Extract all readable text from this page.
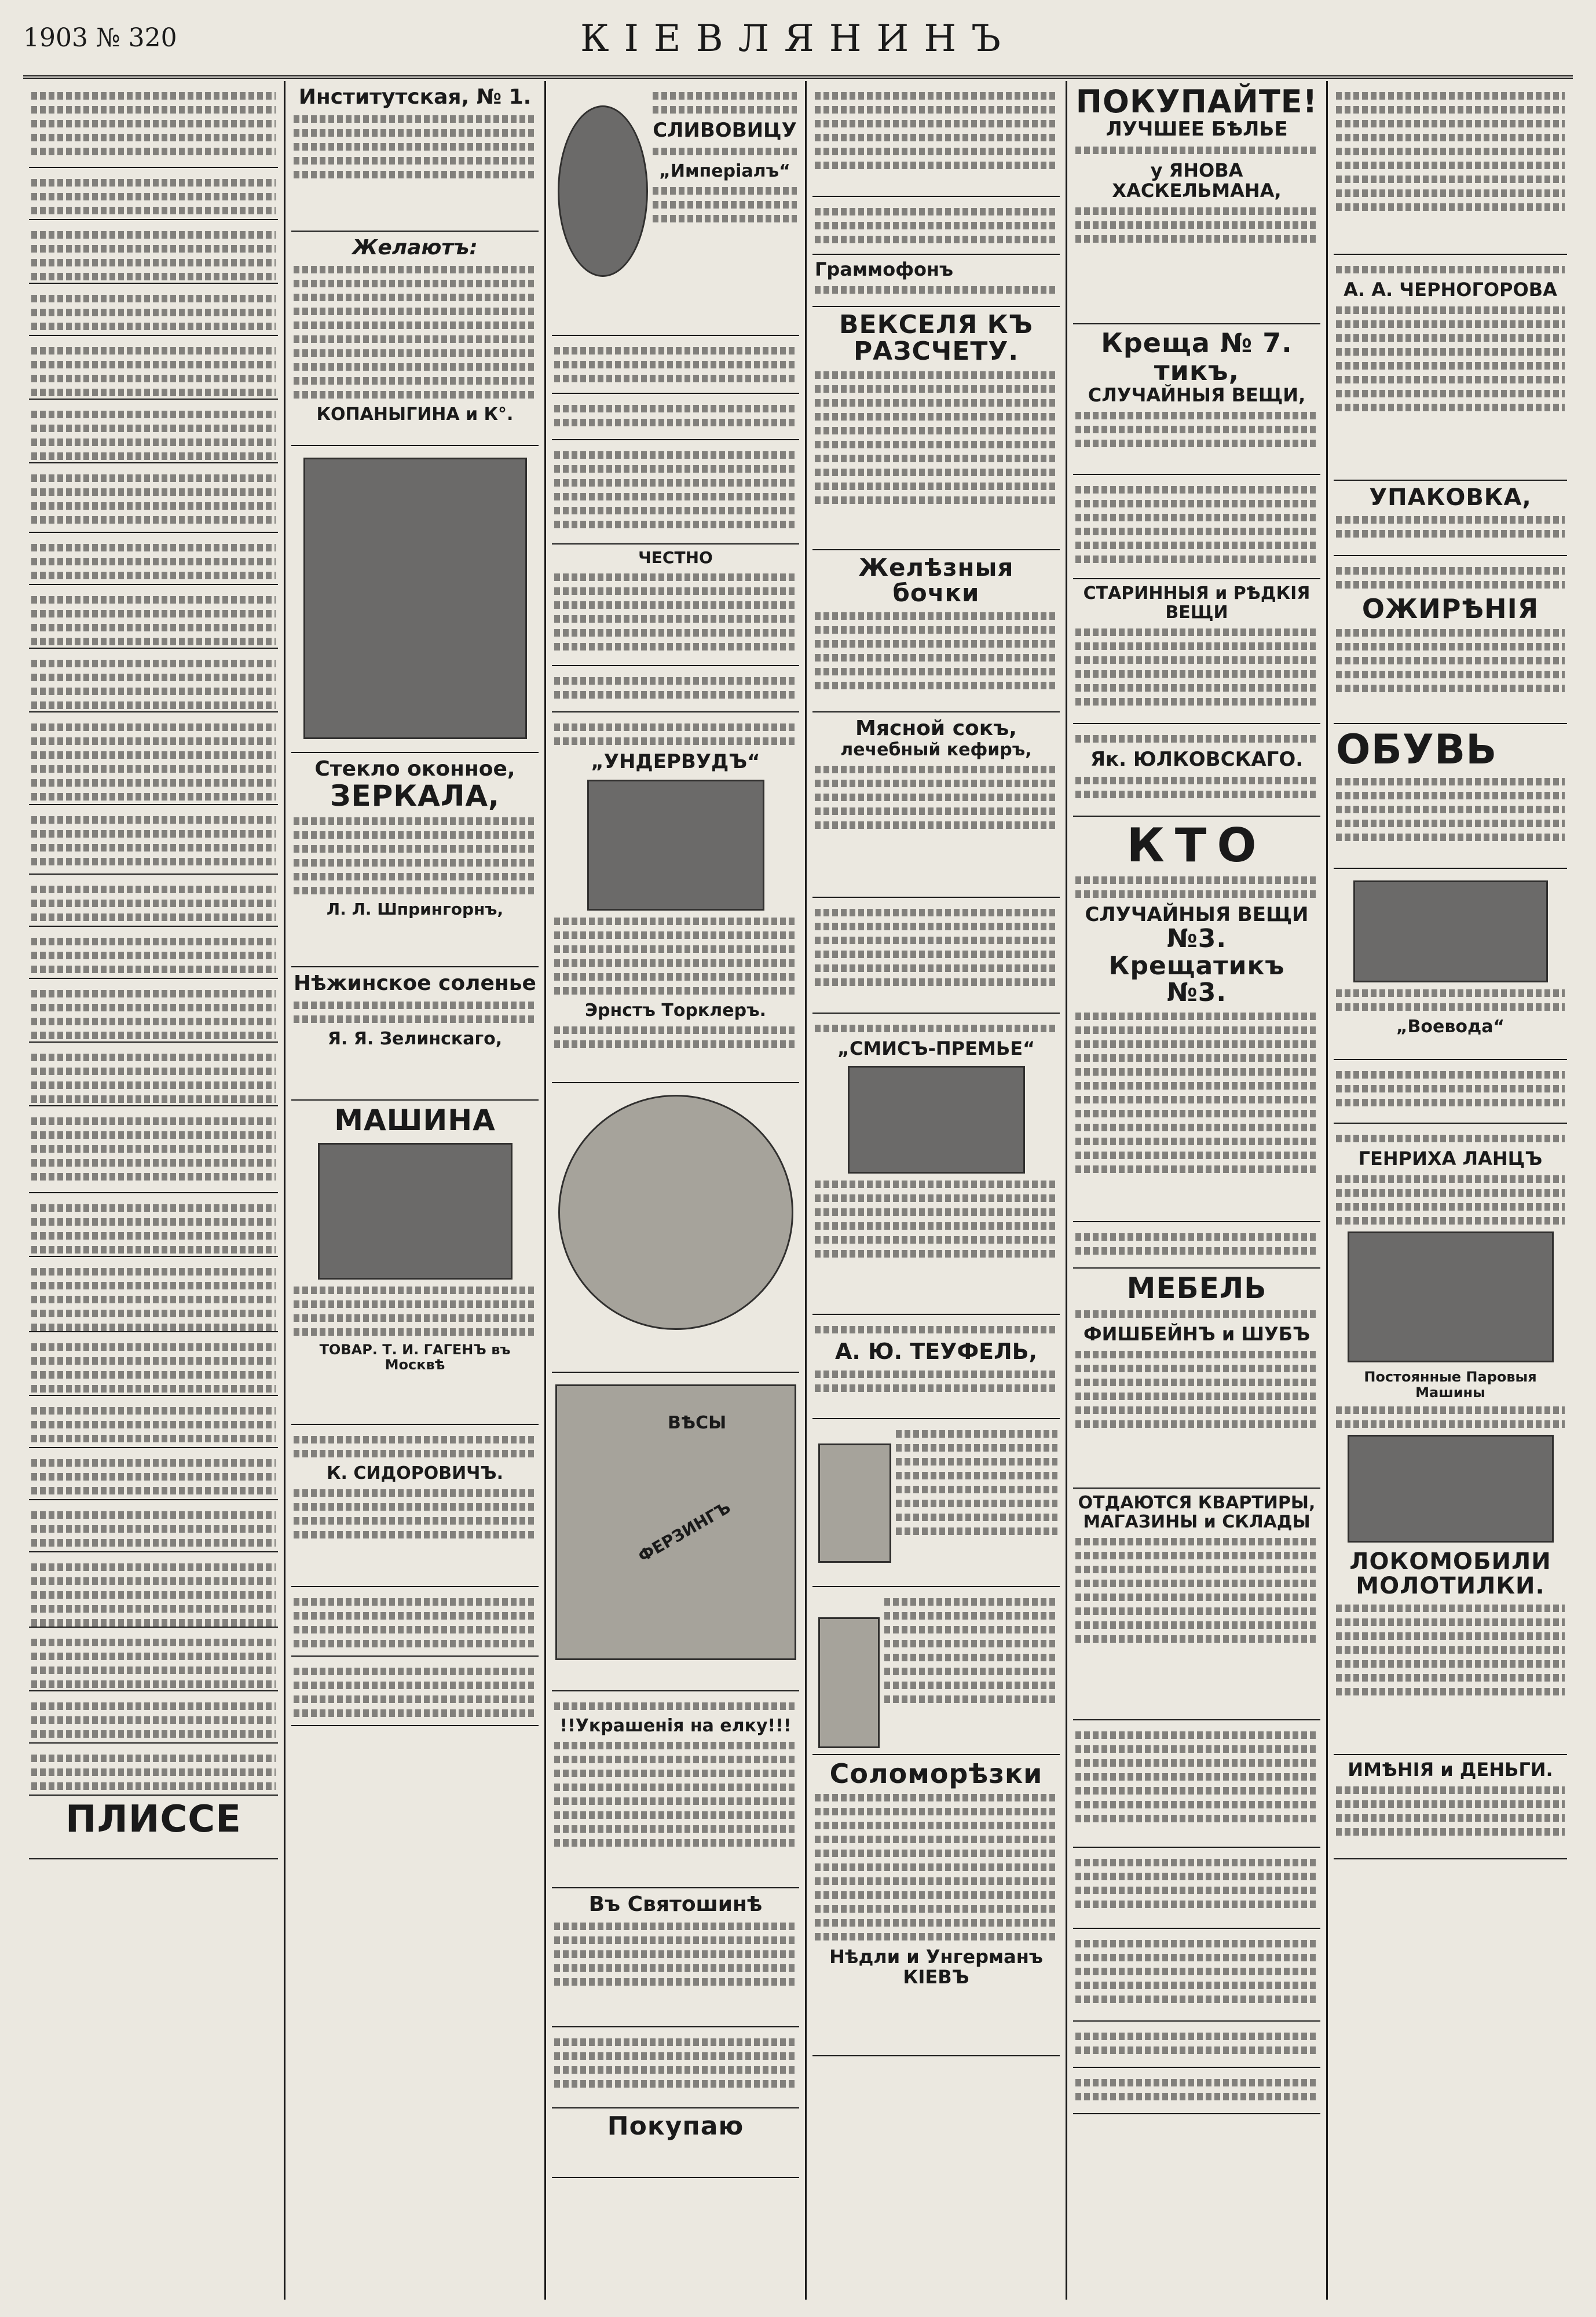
1903 № 320	КІЕВЛЯНИНЪ
ПЛИССЕ
Институтская, № 1.
Желаютъ:
КОПАНЫГИНА и К°.
Стекло оконное,
ЗЕРКАЛА,
Л. Л. Шпрингорнъ,
Нѣжинское соленье
Я. Я. Зелинскаго,
МАШИНА
ТОВАР. Т. И. ГАГЕНЪ въ Москвѣ
К. СИДОРОВИЧЪ.
СЛИВОВИЦУ
„Имперіалъ“
ЧЕСТНО
„УНДЕРВУДЪ“
Эрнстъ Торклеръ.
ВѢСЫ
ФЕРЗИНГЪ
!!Украшенія на елку!!!
Въ Святошинѣ
Покупаю
Граммофонъ
ВЕКСЕЛЯ КЪ РАЗСЧЕТУ.
Желѣзныя бочки
Мясной сокъ,
лечебный кефиръ,
„СМИСЪ-ПРЕМЬЕ“
А. Ю. ТЕУФЕЛЬ,
Соломорѣзки
Нѣдли и Унгерманъ
КІЕВЪ
ПОКУПАЙТЕ!
ЛУЧШЕЕ БѢЛЬЕ
у ЯНОВА ХАСКЕЛЬМАНА,
Креща № 7. тикъ,
СЛУЧАЙНЫЯ ВЕЩИ,
СТАРИННЫЯ и РѢДКІЯ ВЕЩИ
Як. ЮЛКОВСКАГО.
КТО
СЛУЧАЙНЫЯ ВЕЩИ
№3. Крещатикъ №3.
МЕБЕЛЬ
ФИШБЕЙНЪ и ШУБЪ
ОТДАЮТСЯ КВАРТИРЫ, МАГАЗИНЫ и СКЛАДЫ
А. А. ЧЕРНОГОРОВА
УПАКОВКА,
ОЖИРѢНІЯ
ОБУВЬ
„Воевода“
ГЕНРИХА ЛАНЦЪ
Постоянные Паровыя Машины
ЛОКОМОБИЛИ
МОЛОТИЛКИ.
ИМѢНІЯ и ДЕНЬГИ.
